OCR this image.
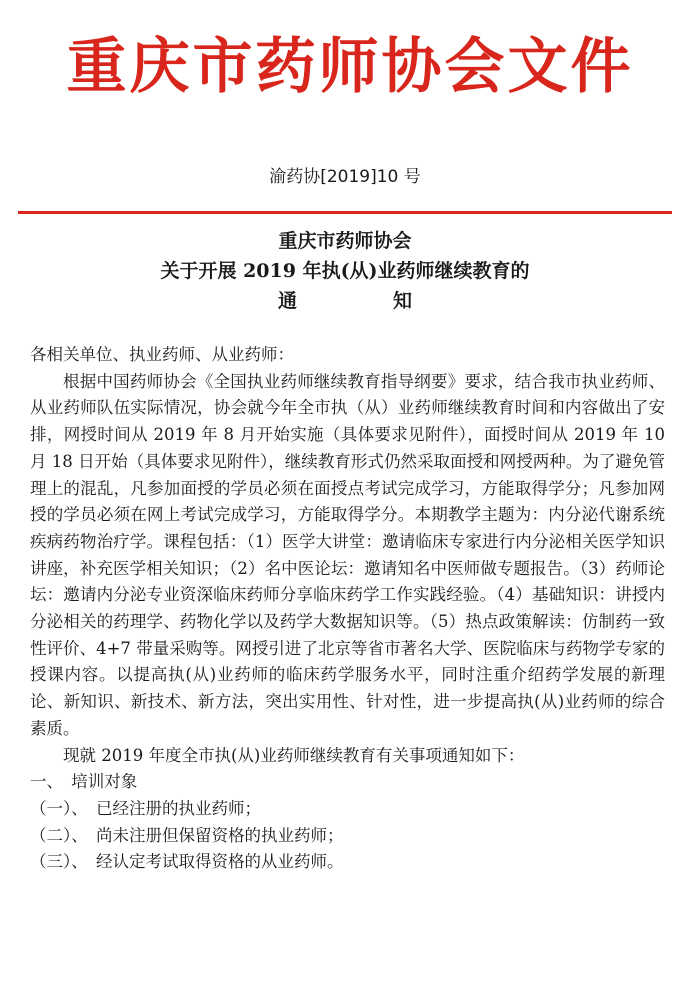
重庆市药师协会文件
渝药协[2019]10 号
重庆市药师协会
关于开展 2019 年执(从)业药师继续教育的
通知

各相关单位、执业药师、从业药师：

根据中国药师协会《全国执业药师继续教育指导纲要》要求，结合我市执业药师、从业药师队伍实际情况，协会就今年全市执（从）业药师继续教育时间和内容做出了安排，网授时间从 2019 年 8 月开始实施（具体要求见附件），面授时间从 2019 年 10 月 18 日开始（具体要求见附件），继续教育形式仍然采取面授和网授两种。为了避免管理上的混乱，凡参加面授的学员必须在面授点考试完成学习，方能取得学分；凡参加网授的学员必须在网上考试完成学习，方能取得学分。本期教学主题为：内分泌代谢系统疾病药物治疗学。课程包括：（1）医学大讲堂：邀请临床专家进行内分泌相关医学知识讲座，补充医学相关知识；（2）名中医论坛：邀请知名中医师做专题报告。（3）药师论坛：邀请内分泌专业资深临床药师分享临床药学工作实践经验。（4）基础知识：讲授内分泌相关的药理学、药物化学以及药学大数据知识等。（5）热点政策解读：仿制药一致性评价、4+7 带量采购等。网授引进了北京等省市著名大学、医院临床与药物学专家的授课内容。以提高执(从)业药师的临床药学服务水平，同时注重介绍药学发展的新理论、新知识、新技术、新方法，突出实用性、针对性，进一步提高执(从)业药师的综合素质。

现就 2019 年度全市执(从)业药师继续教育有关事项通知如下：

一、　培训对象

（一）、　已经注册的执业药师；

（二）、　尚未注册但保留资格的执业药师；

（三）、　经认定考试取得资格的从业药师。
